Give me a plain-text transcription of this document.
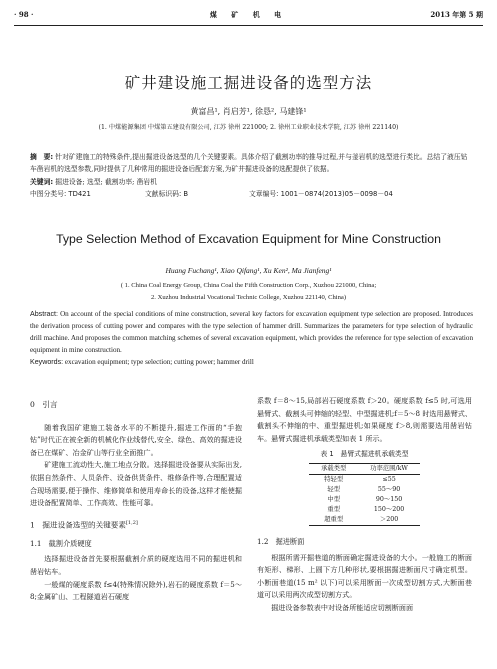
· 98 ·	煤 矿 机 电	2013 年第 5 期
矿井建设施工掘进设备的选型方法
黄富昌¹, 肖启芳¹, 徐恳², 马建锋¹
(1. 中煤能源集团 中煤第五建设有限公司, 江苏 徐州 221000; 2. 徐州工业职业技术学院, 江苏 徐州 221140)
摘　要: 针对矿建施工的特殊条件,提出掘进设备选型的几个关键要素。具体介绍了截割功率的推导过程,并与釜岩机的选型进行类比。总结了液压钻车凿岩机的选型参数,同时提供了几种常用的掘进设备后配套方案,为矿井掘进设备的选配提供了依据。
关键词: 掘进设备; 选型; 截割功率; 凿岩机
中图分类号: TD421	文献标识码: B	文章编号: 1001－0874(2013)05－0098－04
Type Selection Method of Excavation Equipment for Mine Construction
Huang Fuchang¹, Xiao Qifang¹, Xu Ken², Ma Jianfeng¹
( 1. China Coal Energy Group, China Coal the Fifth Construction Corp., Xuzhou 221000, China;
2. Xuzhou Industrial Vocational Technic College, Xuzhou 221140, China)
Abstract: On account of the special conditions of mine construction, several key factors for excavation equipment type selection are proposed. Introduces the derivation process of cutting power and compares with the type selection of hammer drill. Summarizes the parameters for type selection of hydraulic drill machine. And proposes the common matching schemes of several excavation equipment, which provides the reference for type selection of excavation equipment in mine construction.
Keywords: excavation equipment; type selection; cutting power; hammer drill
0　引言

随着我国矿建施工装备水平的不断提升,掘进工作面的“手抱钻”时代正在被全新的机械化作业线替代,安全、绿色、高效的掘进设备已在煤矿、冶金矿山等行业全面推广。

矿建施工流动性大,施工地点分散。选择掘进设备要从实际出发,依据自然条件、人员条件、设备供货条件、维修条件等,合理配置适合现场需要,便于操作、维修简单和使用寿命长的设备,这样才能使掘进设备配置简单、工作高效、性能可靠。

1　掘进设备选型的关键要素[1,2]
1.1　截割介质硬度

选择掘进设备首先要根据截割介质的硬度选用不同的掘进机和凿岩钻车。

一般煤的硬度系数 f≤4(特殊情况除外),岩石的硬度系数 f＝5～8;金属矿山、工程隧道岩石硬度

系数 f＝8～15,局部岩石硬度系数 f＞20。硬度系数 f≤5 时,可选用悬臂式、截割头可伸缩的轻型、中型掘进机;f＝5～8 时选用悬臂式、截割头不伸缩的中、重型掘进机;如果硬度 f＞8,则需要选用凿岩钻车。悬臂式掘进机承载类型如表 1 所示。

表 1　悬臂式掘进机承载类型
承载类型	功率范围/kW
特轻型	≤55
轻型	55～90
中型	90～150
重型	150～200
超重型	＞200
1.2　掘进断面

根据所需开掘巷道的断面确定掘进设备的大小。一般施工的断面有矩形、梯形、上圆下方几种形状,要根据掘进断面尺寸确定机型。小断面巷道(15 m² 以下)可以采用断面一次成型切割方式,大断面巷道可以采用两次成型切割方式。

掘进设备参数表中对设备所能适应切割断面面
